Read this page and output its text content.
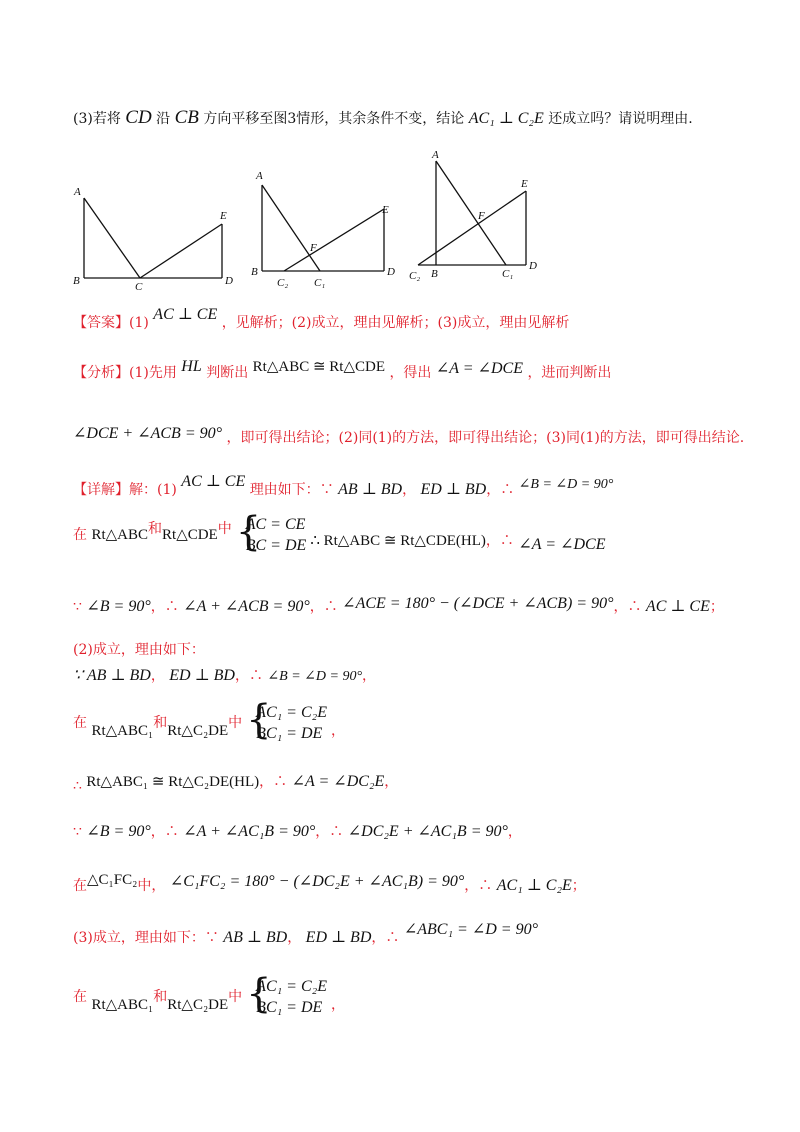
(3)若将 CD 沿 CB 方向平移至图3情形，其余条件不变，结论 AC₁ ⊥ C₂E 还成立吗？请说明理由.
A
B	C	D
E
A
B
C₂ C₁
D
E
F
A
B
C₂	C₁
D
E
F
【答案】(1) AC ⊥ CE ，见解析；(2)成立，理由见解析；(3)成立，理由见解析
【分析】(1)先用 HL 判断出 Rt△ABC ≅ Rt△CDE ，得出 ∠A = ∠DCE ，进而判断出
∠DCE + ∠ACB = 90° ，即可得出结论；(2)同(1)的方法，即可得出结论；(3)同(1)的方法，即可得出结论.
【详解】解：(1) AC ⊥ CE 理由如下：∵ AB ⊥ BD， ED ⊥ BD，∴ ∠B = ∠D = 90°
在 Rt△ABC和Rt△CDE中 {
AC = CE
BC = DE ∴ Rt△ABC ≅ Rt△CDE(HL)，∴ ∠A = ∠DCE
∵ ∠B = 90°，∴ ∠A + ∠ACB = 90°，∴ ∠ACE = 180° − (∠DCE + ∠ACB) = 90°，∴ AC ⊥ CE；
(2)成立，理由如下：
∵ AB ⊥ BD， ED ⊥ BD，∴ ∠B = ∠D = 90°，
在 Rt△ABC₁和Rt△C₂DE中 {
AC₁ = C₂E
BC₁ = DE ，
∴ Rt△ABC₁ ≅ Rt△C₂DE(HL)，∴ ∠A = ∠DC₂E，
∵ ∠B = 90°，∴ ∠A + ∠AC₁B = 90°，∴ ∠DC₂E + ∠AC₁B = 90°，
在△C₁FC₂中， ∠C₁FC₂ = 180° − (∠DC₂E + ∠AC₁B) = 90°，∴ AC₁ ⊥ C₂E；
(3)成立，理由如下：∵ AB ⊥ BD， ED ⊥ BD，∴ ∠ABC₁ = ∠D = 90°
在 Rt△ABC₁和Rt△C₂DE中 {
AC₁ = C₂E
BC₁ = DE ，
